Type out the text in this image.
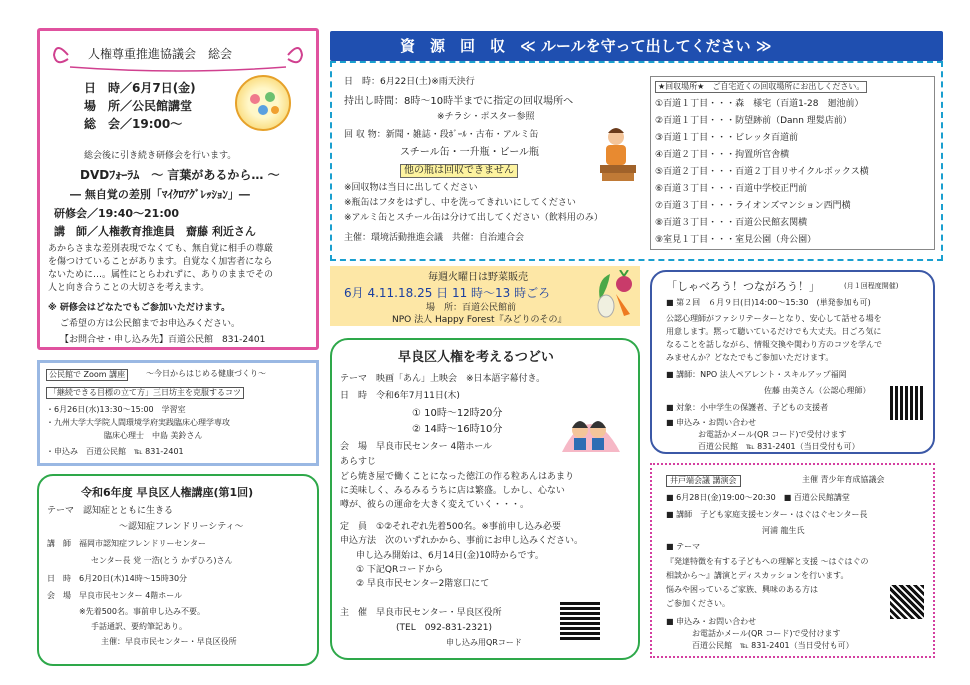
人権尊重推進協議会　総会
日　時／6月7日(金)
場　所／公民館講堂
総　会／19:00～
総会後に引き続き研修会を行います。
DVDﾌｫｰﾗﾑ　～ 言葉があるから… ～
― 無自覚の差別「ﾏｲｸﾛｱｸﾞﾚｯｼｮﾝ」―
研修会／19:40～21:00
講　師／人権教育推進員　齋藤 利近さん
あからさまな差別表現でなくても、無自覚に相手の尊厳
を傷つけていることがあります。自覚なく加害者になら
ないために…。属性にとらわれずに、ありのままでその
人と向き合うことの大切さを考えます。
※ 研修会はどなたでもご参加いただけます。
ご希望の方は公民館までお申込みください。
【お問合せ・申し込み先】百道公民館　831-2401
資　源　回　収　≪ ルールを守って出してください ≫
日　時：6月22日(土)※雨天決行
持出し時間：8時～10時半までに指定の回収場所へ
※チラシ・ポスター参照
回 収 物：新聞・雑誌・段ﾎﾞｰﾙ・古布・アルミ缶
スチール缶・一升瓶・ビール瓶
他の瓶は回収できません
※回収物は当日に出してください
※瓶缶はフタをはずし、中を洗ってきれいにしてください
※アルミ缶とスチール缶は分けて出してください（飲料用のみ）
主催：環境活動推進会議　共催：自治連合会
★回収場所★　ご自宅近くの回収場所にお出しください。
①百道１丁目・・・森　様宅（百道1-28　廻池前）
②百道１丁目・・・防望跡前（Dann 理髪店前）
③百道１丁目・・・ビレッタ百道前
④百道２丁目・・・拘置所官舎横
⑤百道２丁目・・・百道２丁目リサイクルボックス横
⑥百道３丁目・・・百道中学校正門前
⑦百道３丁目・・・ライオンズマンション西門横
⑧百道３丁目・・・百道公民館玄関横
⑨室見１丁目・・・室見公園（舟公園）
毎週火曜日は野菜販売
6月 4.11.18.25 日 11 時～13 時ごろ
場　所：百道公民館前
NPO 法人 Happy Forest『みどりのその』
「しゃべろう！つながろう！」	(月１回程度開催)
■ 第２回　６月９日(日)14:00～15:30　(単発参加も可)
公認心理師がファシリテーターとなり、安心して話せる場を
用意します。黙って聴いているだけでも大丈夫。日ごろ気に
なることを話しながら、情報交換や関わり方のコツを学んで
みませんか？どなたでもご参加いただけます。
■ 講師：NPO 法人ペアレント・スキルアップ福岡
佐藤 由美さん（公認心理師）
■ 対象：小中学生の保護者、子どもの支援者
■ 申込み・お問い合わせ
お電話かメール(QR コード)で受付けます
百道公民館　℡ 831-2401（当日受付も可）
公民館で Zoom 講座	～今日からはじめる健康づくり～
「継続できる目標の立て方」三日坊主を克服するコツ
・6月26日(水)13:30～15:00　学習室
・九州大学大学院人間環境学府実践臨床心理学専攻
臨床心理士　中島 美鈴さん
・申込み　百道公民館　℡ 831-2401
令和6年度 早良区人権講座(第1回)
テーマ　認知症とともに生きる
～認知症フレンドリーシティ～
講　師　福岡市認知症フレンドリーセンター
センター長 党 一浩(とう かずひろ)さん
日　時　6月20日(木)14時～15時30分
会　場　早良市民センター 4階ホール
※先着500名。事前申し込み不要。
手話通訳、要約筆記あり。
主催：早良市民センター・早良区役所
早良区人権を考えるつどい
テーマ　映画「あん」上映会　※日本語字幕付き。
日　時　令和6年7月11日(木)
① 10時～12時20分
② 14時～16時10分
会　場　早良市民センター 4階ホール
あらすじ
どら焼き屋で働くことになった徳江の作る粒あんはあまり
に美味しく、みるみるうちに店は繁盛。しかし、心ない
噂が、彼らの運命を大きく変えていく・・・。
定　員　①②それぞれ先着500名。※事前申し込み必要
申込方法　次のいずれかから、事前にお申し込みください。
申し込み開始は、6月14日(金)10時からです。
① 下記QRコードから
② 早良市民センター2階窓口にて
主　催　早良市民センター・早良区役所
(TEL　092-831-2321)
申し込み用QRコード
井戸端会議 講演会	主催 青少年育成協議会
■ 6月28日(金)19:00～20:30　■ 百道公民館講堂
■ 講師　子ども家庭支援センター・はぐはぐセンター長
河浦 龍生氏
■ テーマ
『発達特徴を有する子どもへの理解と支援 ～はぐはぐの
相談から～』講演とディスカッションを行います。
悩みや困っているご家族、興味のある方は
ご参加ください。
■ 申込み・お問い合わせ
お電話かメール(QR コード)で受付けます
百道公民館　℡ 831-2401（当日受付も可）
